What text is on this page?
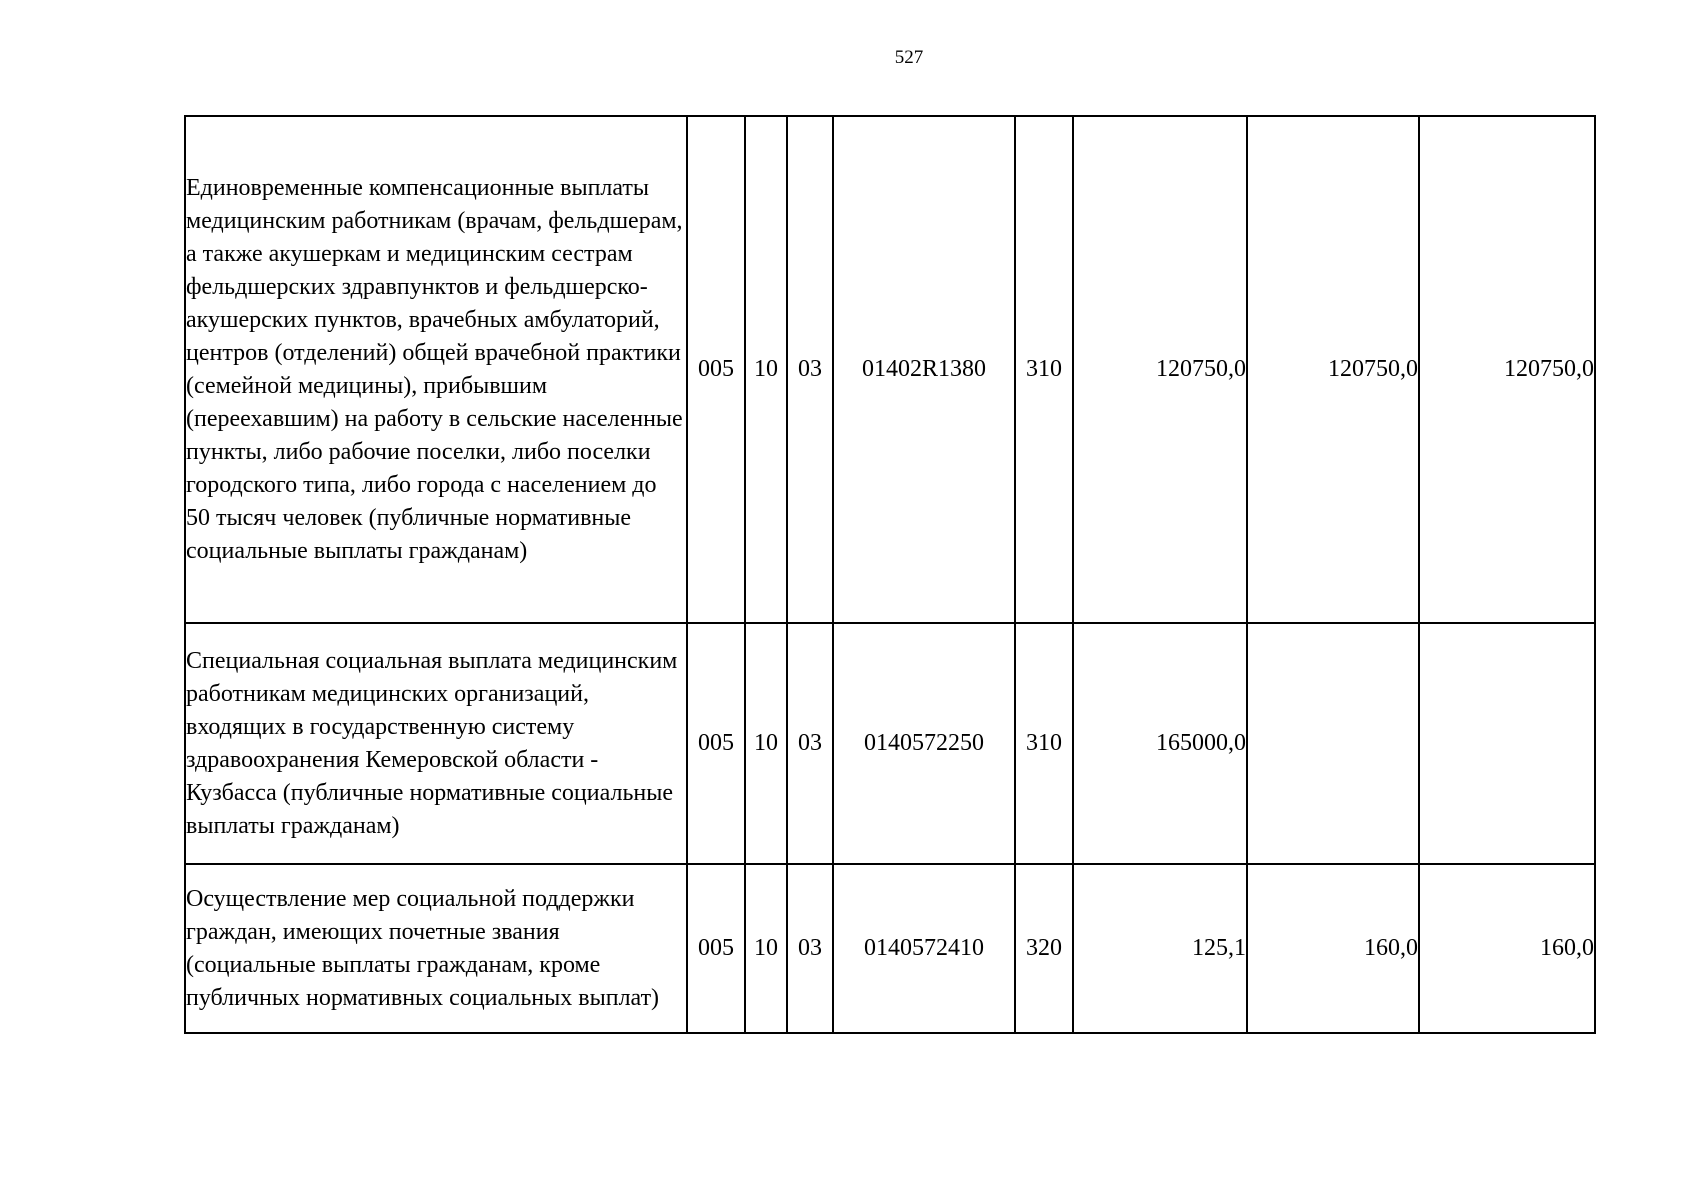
527
Единовременные компенсационные выплаты медицинским работникам (врачам, фельдшерам, а также акушеркам и медицинским сестрам фельдшерских здравпунктов и фельдшерско-акушерских пунктов, врачебных амбулаторий, центров (отделений) общей врачебной практики (семейной медицины), прибывшим (переехавшим) на работу в сельские населенные пункты, либо рабочие поселки, либо поселки городского типа, либо города с населением до 50 тысяч человек (публичные нормативные социальные выплаты гражданам)	005	10	03	01402R1380	310	120750,0	120750,0	120750,0
Специальная социальная выплата медицинским работникам медицинских организаций, входящих в государственную систему здравоохранения Кемеровской области - Кузбасса (публичные нормативные социальные выплаты гражданам)	005	10	03	0140572250	310	165000,0		
Осуществление мер социальной поддержки граждан, имеющих почетные звания (социальные выплаты гражданам, кроме публичных нормативных социальных выплат)	005	10	03	0140572410	320	125,1	160,0	160,0
